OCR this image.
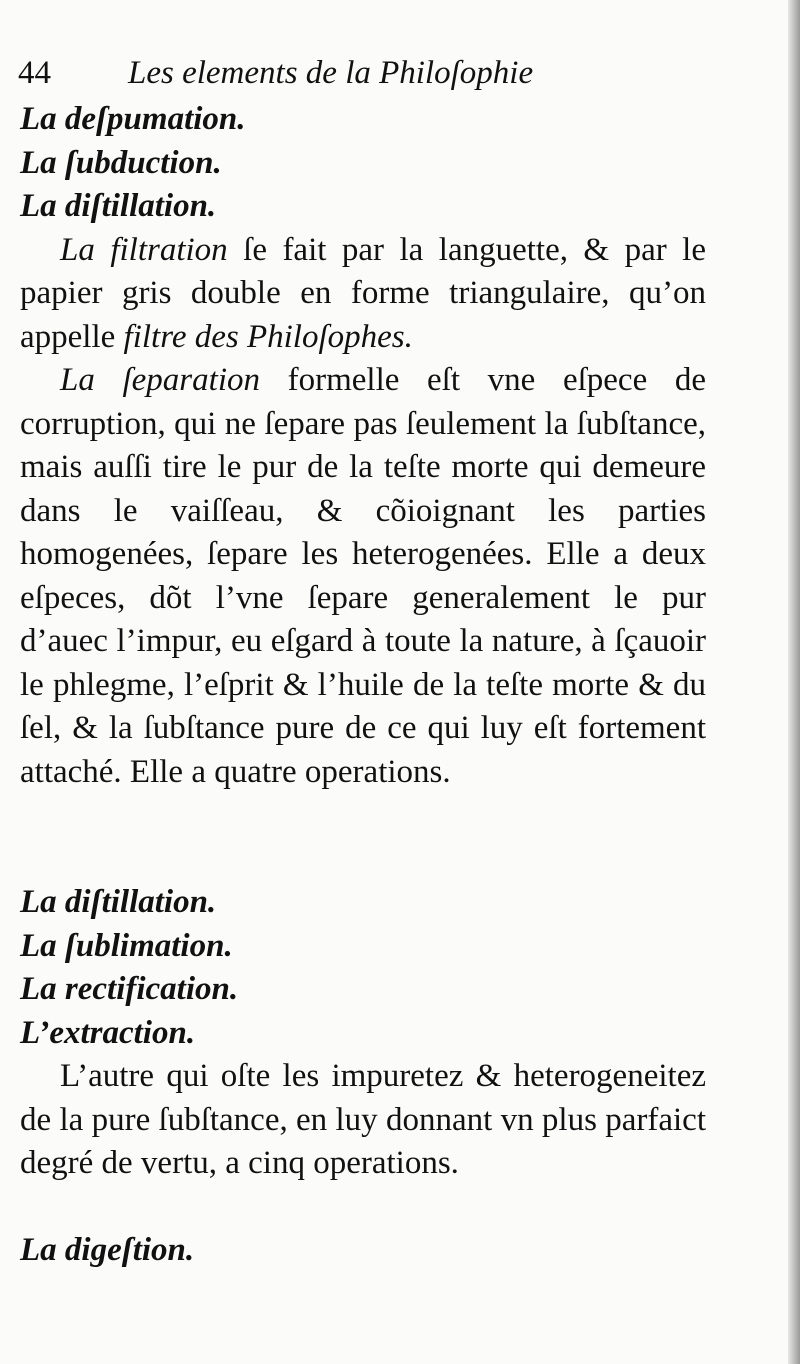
44 Les elements de la Philoſophie
La deſpumation.
La ſubduction.
La diſtillation.

La filtration ſe fait par la languette, & par le papier gris double en forme triangulaire, qu’on appelle filtre des Philoſophes.

La ſeparation formelle eſt vne eſpece de corruption, qui ne ſepare pas ſeulement la ſubſtance, mais auſſi tire le pur de la teſte morte qui demeure dans le vaiſſeau, & cõioignant les parties homogenées, ſepare les heterogenées. Elle a deux eſpeces, dõt l’vne ſepare generalement le pur d’auec l’impur, eu eſgard à toute la nature, à ſçauoir le phlegme, l’eſprit & l’huile de la teſte morte & du ſel, & la ſubſtance pure de ce qui luy eſt fortement attaché. Elle a quatre operations.

La diſtillation.
La ſublimation.
La rectification.
L’extraction.

L’autre qui oſte les impuretez & heterogeneitez de la pure ſubſtance, en luy donnant vn plus parfaict degré de vertu, a cinq operations.

La digeſtion.
